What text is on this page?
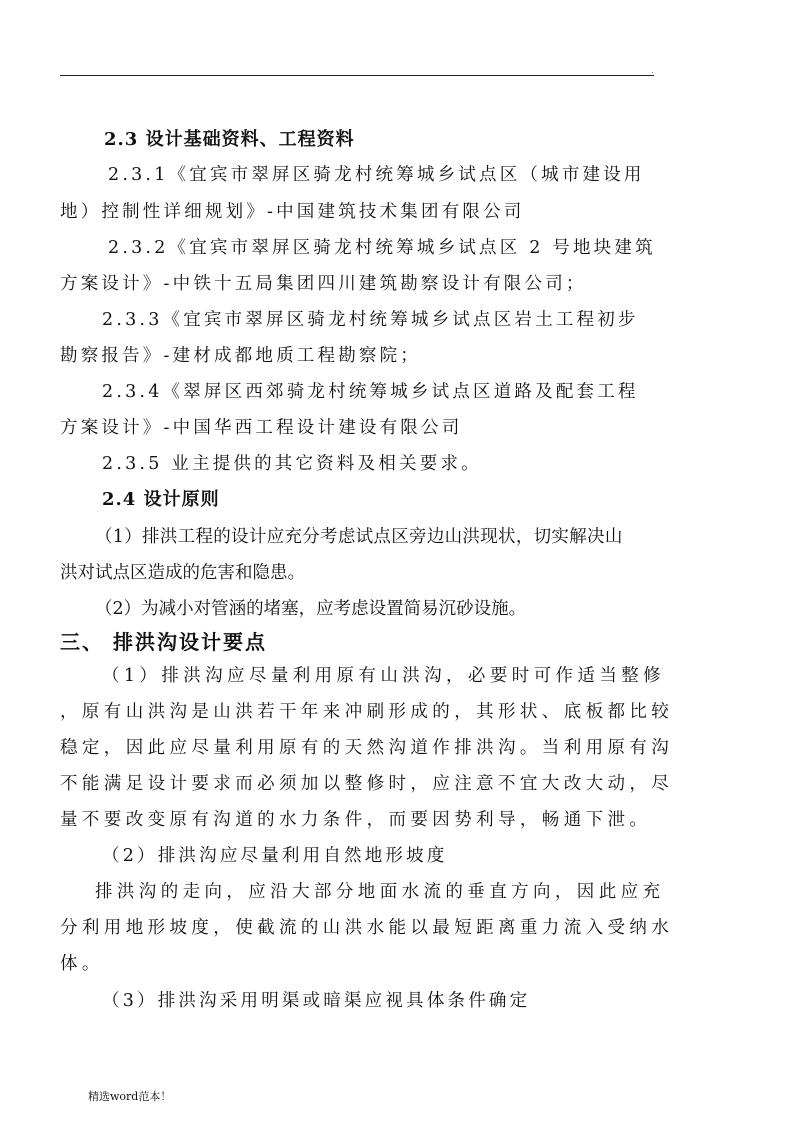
.
2.3 设计基础资料、工程资料
2.3.1《宜宾市翠屏区骑龙村统筹城乡试点区（城市建设用
地）控制性详细规划》-中国建筑技术集团有限公司
2.3.2《宜宾市翠屏区骑龙村统筹城乡试点区 2 号地块建筑
方案设计》-中铁十五局集团四川建筑勘察设计有限公司；
2.3.3《宜宾市翠屏区骑龙村统筹城乡试点区岩土工程初步
勘察报告》-建材成都地质工程勘察院；
2.3.4《翠屏区西郊骑龙村统筹城乡试点区道路及配套工程
方案设计》-中国华西工程设计建设有限公司
2.3.5 业主提供的其它资料及相关要求。
2.4 设计原则
（1）排洪工程的设计应充分考虑试点区旁边山洪现状，切实解决山
洪对试点区造成的危害和隐患。
（2）为减小对管涵的堵塞，应考虑设置简易沉砂设施。
三、 排洪沟设计要点
（1）排洪沟应尽量利用原有山洪沟，必要时可作适当整修
，原有山洪沟是山洪若干年来冲刷形成的，其形状、底板都比较
稳定，因此应尽量利用原有的天然沟道作排洪沟。当利用原有沟
不能满足设计要求而必须加以整修时，应注意不宜大改大动，尽
量不要改变原有沟道的水力条件，而要因势利导，畅通下泄。
（2）排洪沟应尽量利用自然地形坡度
排洪沟的走向，应沿大部分地面水流的垂直方向，因此应充
分利用地形坡度，使截流的山洪水能以最短距离重力流入受纳水
体。
（3）排洪沟采用明渠或暗渠应视具体条件确定
精选word范本！
